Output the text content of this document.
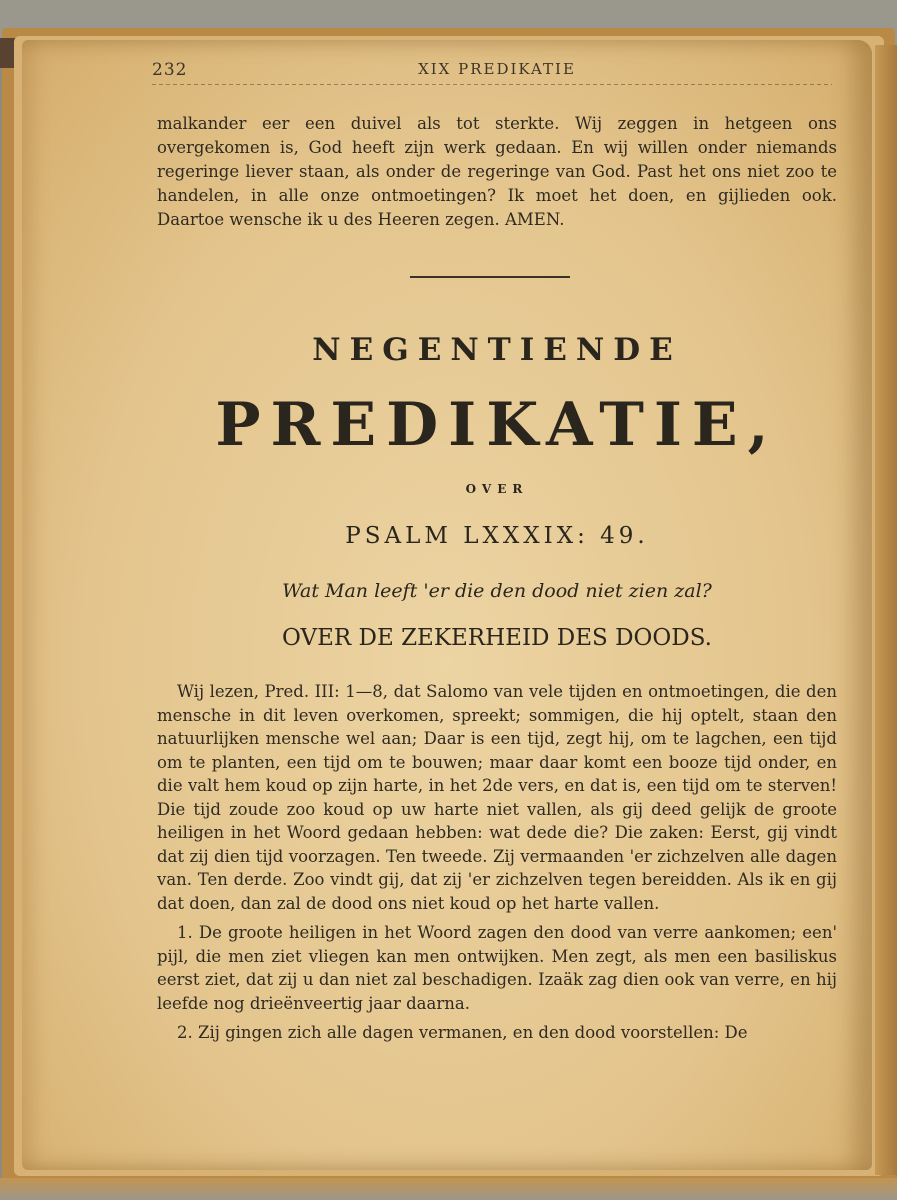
232	XIX PREDIKATIE
malkander eer een duivel als tot sterkte. Wij zeggen in hetgeen ons overgekomen is, God heeft zijn werk gedaan. En wij willen onder niemands regeringe liever staan, als onder de regeringe van God. Past het ons niet zoo te handelen, in alle onze ontmoetingen? Ik moet het doen, en gijlieden ook. Daartoe wensche ik u des Heeren zegen. AMEN.
NEGENTIENDE
PREDIKATIE,
OVER
PSALM LXXXIX: 49.
Wat Man leeft 'er die den dood niet zien zal?
OVER DE ZEKERHEID DES DOODS.

Wij lezen, Pred. III: 1—8, dat Salomo van vele tijden en ontmoetingen, die den mensche in dit leven overkomen, spreekt; sommigen, die hij optelt, staan den natuurlijken mensche wel aan; Daar is een tijd, zegt hij, om te lagchen, een tijd om te planten, een tijd om te bouwen; maar daar komt een booze tijd onder, en die valt hem koud op zijn harte, in het 2de vers, en dat is, een tijd om te sterven! Die tijd zoude zoo koud op uw harte niet vallen, als gij deed gelijk de groote heiligen in het Woord gedaan hebben: wat dede die? Die zaken: Eerst, gij vindt dat zij dien tijd voorzagen. Ten tweede. Zij vermaanden 'er zichzelven alle dagen van. Ten derde. Zoo vindt gij, dat zij 'er zichzelven tegen bereidden. Als ik en gij dat doen, dan zal de dood ons niet koud op het harte vallen.

1. De groote heiligen in het Woord zagen den dood van verre aankomen; een' pijl, die men ziet vliegen kan men ontwijken. Men zegt, als men een basiliskus eerst ziet, dat zij u dan niet zal beschadigen. Izaäk zag dien ook van verre, en hij leefde nog drieënveertig jaar daarna.

2. Zij gingen zich alle dagen vermanen, en den dood voorstellen: De
